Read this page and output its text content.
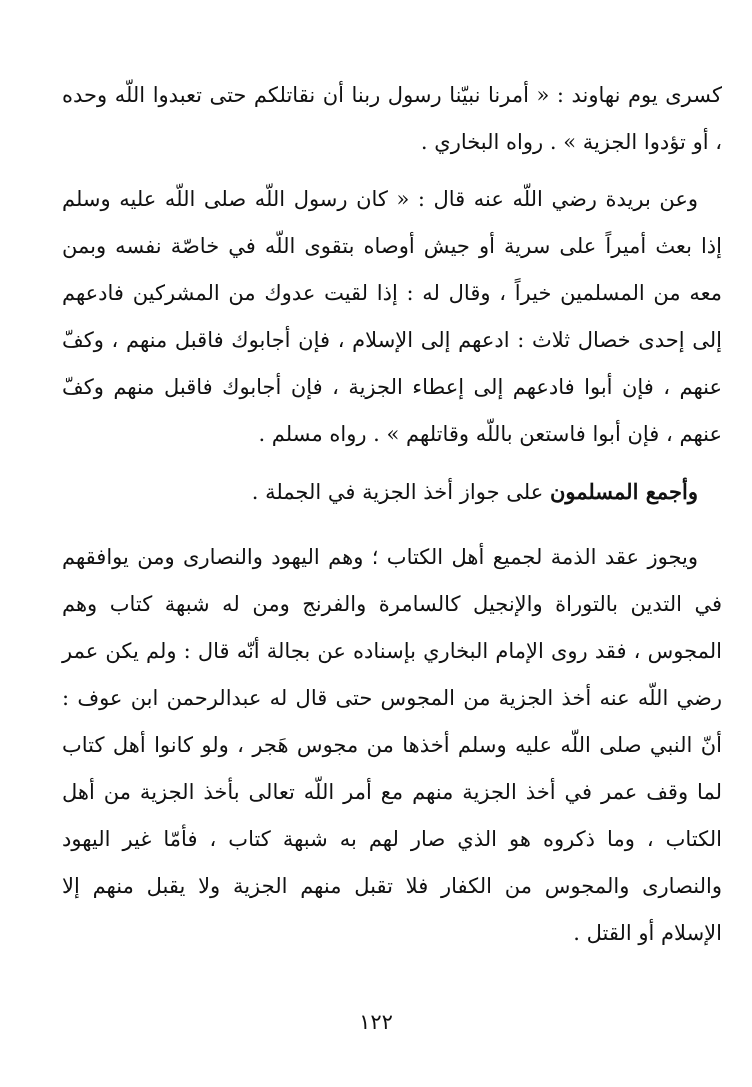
كسرى يوم نهاوند : « أمرنا نبيّنا رسول ربنا أن نقاتلكم حتى تعبدوا اللّه وحده ، أو تؤدوا الجزية » . رواه البخاري .

وعن بريدة رضي اللّه عنه قال : « كان رسول اللّه صلى اللّه عليه وسلم إذا بعث أميراً على سرية أو جيش أوصاه بتقوى اللّه في خاصّة نفسه وبمن معه من المسلمين خيراً ، وقال له : إذا لقيت عدوك من المشركين فادعهم إلى إحدى خصال ثلاث : ادعهم إلى الإسلام ، فإن أجابوك فاقبل منهم ، وكفّ عنهم ، فإن أبوا فادعهم إلى إعطاء الجزية ، فإن أجابوك فاقبل منهم وكفّ عنهم ، فإن أبوا فاستعن باللّه وقاتلهم » . رواه مسلم .

وأجمع المسلمون على جواز أخذ الجزية في الجملة .

ويجوز عقد الذمة لجميع أهل الكتاب ؛ وهم اليهود والنصارى ومن يوافقهم في التدين بالتوراة والإنجيل كالسامرة والفرنج ومن له شبهة كتاب وهم المجوس ، فقد روى الإمام البخاري بإسناده عن بجالة أنّه قال : ولم يكن عمر رضي اللّه عنه أخذ الجزية من المجوس حتى قال له عبدالرحمن ابن عوف : أنّ النبي صلى اللّه عليه وسلم أخذها من مجوس هَجر ، ولو كانوا أهل كتاب لما وقف عمر في أخذ الجزية منهم مع أمر اللّه تعالى بأخذ الجزية من أهل الكتاب ، وما ذكروه هو الذي صار لهم به شبهة كتاب ، فأمّا غير اليهود والنصارى والمجوس من الكفار فلا تقبل منهم الجزية ولا يقبل منهم إلا الإسلام أو القتل .

١٢٢
